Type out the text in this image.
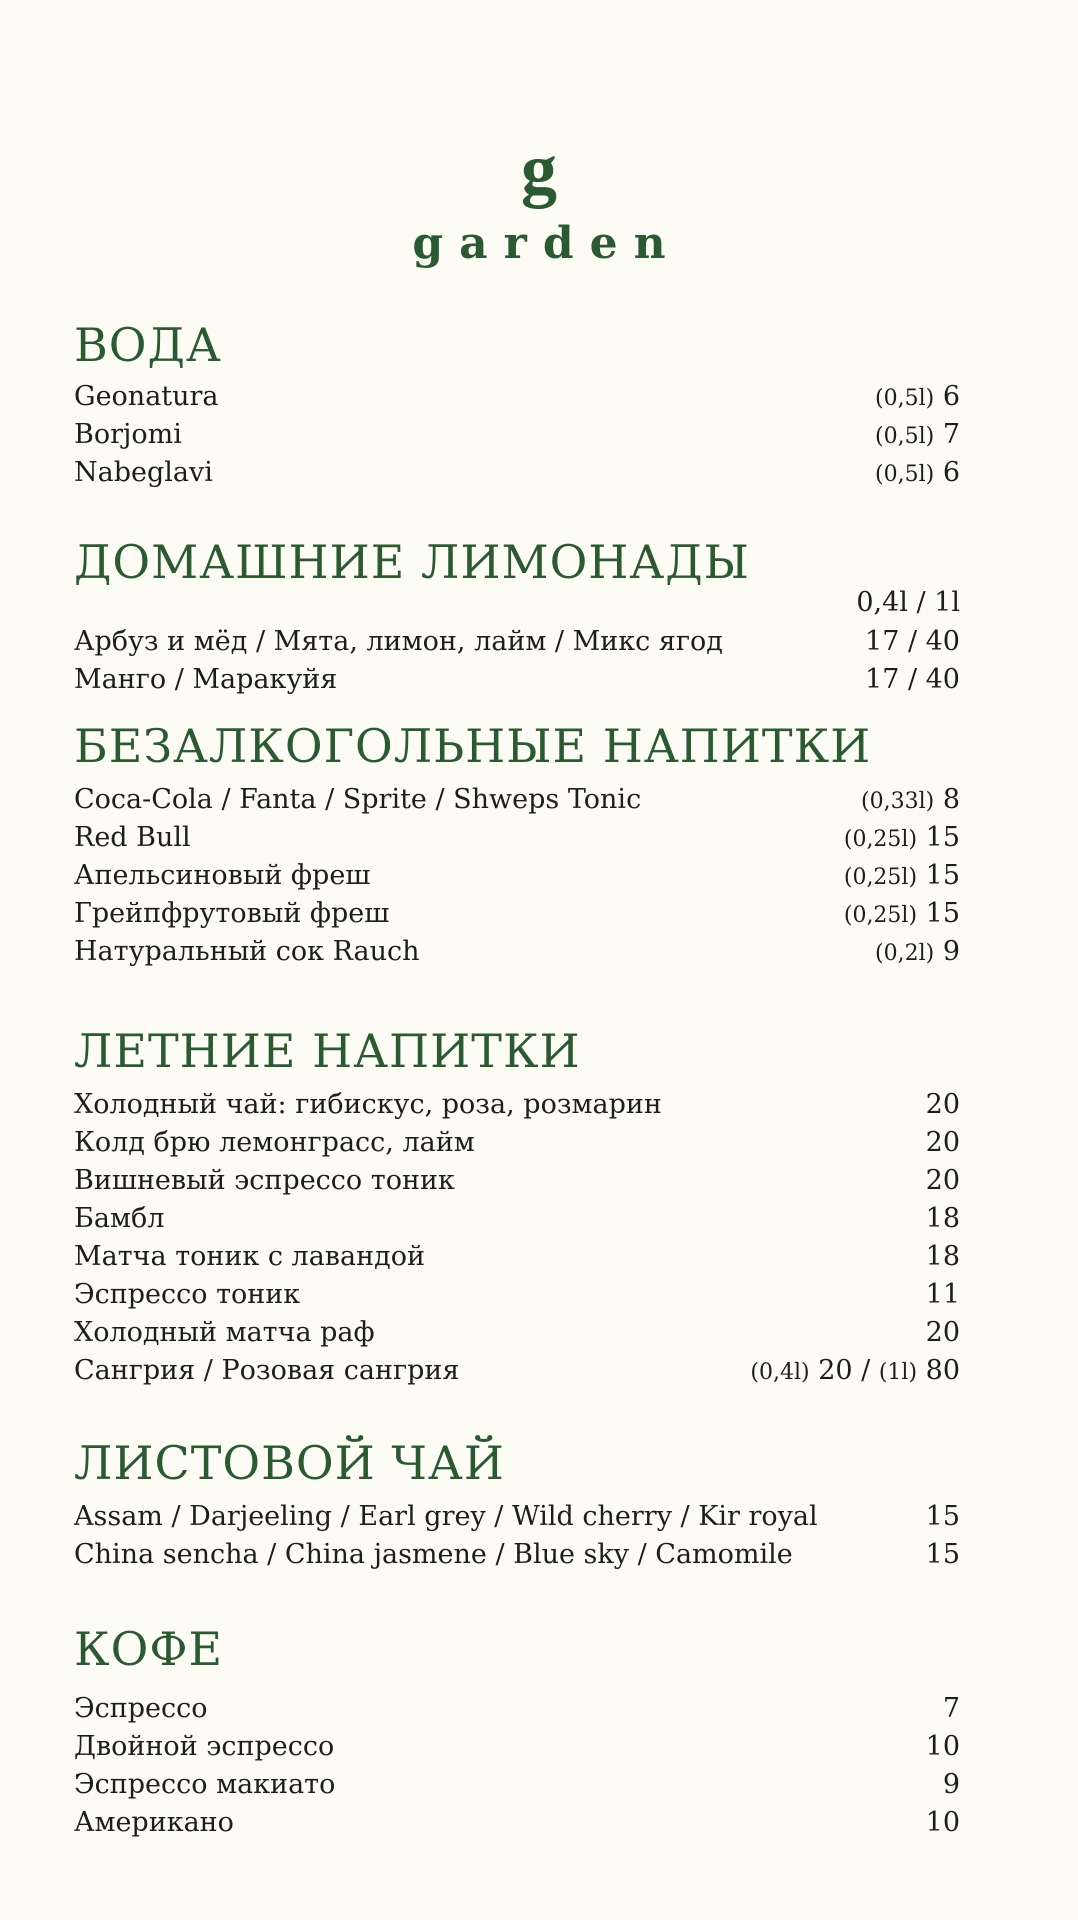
g
garden
ВОДА
Geonatura	(0,5l) 6
Borjomi	(0,5l) 7
Nabeglavi	(0,5l) 6
ДОМАШНИЕ ЛИМОНАДЫ
0,4l / 1l
Арбуз и мёд / Мята, лимон, лайм / Микс ягод	17 / 40
Манго / Маракуйя	17 / 40
БЕЗАЛКОГОЛЬНЫЕ НАПИТКИ
Coca-Cola / Fanta / Sprite / Shweps Tonic	(0,33l) 8
Red Bull	(0,25l) 15
Апельсиновый фреш	(0,25l) 15
Грейпфрутовый фреш	(0,25l) 15
Натуральный сок Rauch	(0,2l) 9
ЛЕТНИЕ НАПИТКИ
Холодный чай: гибискус, роза, розмарин	20
Колд брю лемонграсс, лайм	20
Вишневый эспрессо тоник	20
Бамбл	18
Матча тоник с лавандой	18
Эспрессо тоник	11
Холодный матча раф	20
Сангрия / Розовая сангрия	(0,4l) 20 / (1l) 80
ЛИСТОВОЙ ЧАЙ
Assam / Darjeeling / Earl grey / Wild cherry / Kir royal	15
China sencha / China jasmene / Blue sky / Camomile	15
КОФЕ
Эспрессо	7
Двойной эспрессо	10
Эспрессо макиато	9
Американо	10
